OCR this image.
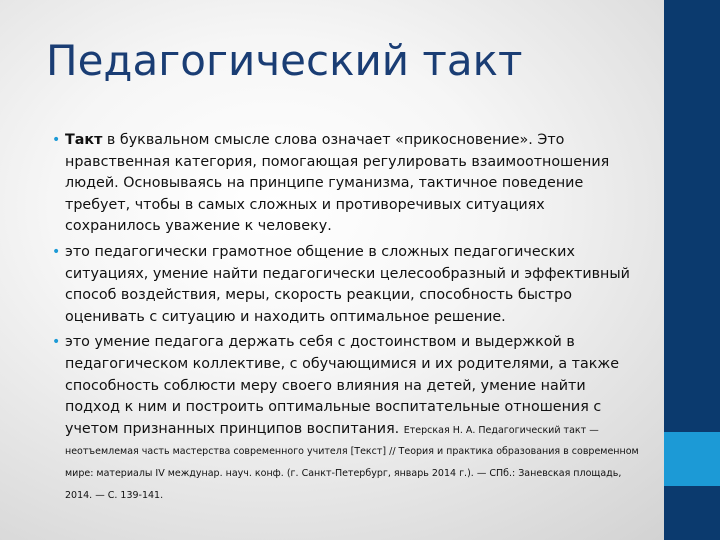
Педагогический такт
• Такт в буквальном смысле слова означает «прикосновение». Это нравственная категория, помогающая регулировать взаимоотношения людей. Основываясь на принципе гуманизма, тактичное поведение требует, чтобы в самых сложных и противоречивых ситуациях сохранилось уважение к человеку.
• это педагогически грамотное общение в сложных педагогических ситуациях, умение найти педагогически целесообразный и эффективный способ воздействия, меры, скорость реакции, способность быстро оценивать с ситуацию и находить оптимальное решение.
• это умение педагога держать себя с достоинством и выдержкой в педагогическом коллективе, с обучающимися и их родителями, а также способность соблюсти меру своего влияния на детей, умение найти подход к ним и построить оптимальные воспитательные отношения с учетом признанных принципов воспитания. Етерская Н. А. Педагогический такт — неотъемлемая часть мастерства современного учителя [Текст] // Теория и практика образования в современном мире: материалы IV междунар. науч. конф. (г. Санкт-Петербург, январь 2014 г.). — СПб.: Заневская площадь, 2014. — С. 139-141.
